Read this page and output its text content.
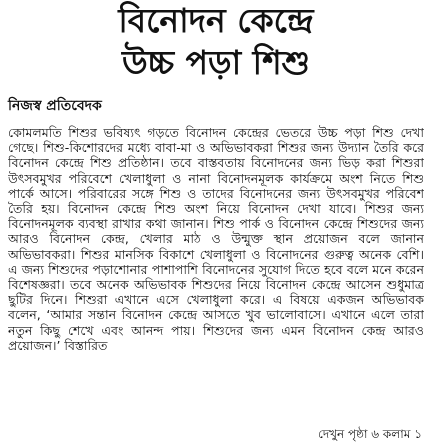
বিনোদন কেন্দ্রে
উচ্চ পড়া শিশু
নিজস্ব প্রতিবেদক

কোমলমতি শিশুর ভবিষ্যৎ গড়তে বিনোদন কেন্দ্রের ভেতরে উচ্চ পড়া শিশু দেখা গেছে। শিশু-কিশোরদের মধ্যে বাবা-মা ও অভিভাবকরা শিশুর জন্য উদ্যান তৈরি করে বিনোদন কেন্দ্রে শিশু প্রতিষ্ঠান। তবে বাস্তবতায় বিনোদনের জন্য ভিড় করা শিশুরা উৎসবমুখর পরিবেশে খেলাধুলা ও নানা বিনোদনমূলক কার্যক্রমে অংশ নিতে শিশু পার্কে আসে। পরিবারের সঙ্গে শিশু ও তাদের বিনোদনের জন্য উৎসবমুখর পরিবেশ তৈরি হয়। বিনোদন কেন্দ্রে শিশু অংশ নিয়ে বিনোদন দেখা যাবে। শিশুর জন্য বিনোদনমূলক ব্যবস্থা রাখার কথা জানান। শিশু পার্ক ও বিনোদন কেন্দ্রে শিশুদের জন্য আরও বিনোদন কেন্দ্র, খেলার মাঠ ও উন্মুক্ত স্থান প্রয়োজন বলে জানান অভিভাবকরা। শিশুর মানসিক বিকাশে খেলাধুলা ও বিনোদনের গুরুত্ব অনেক বেশি। এ জন্য শিশুদের পড়াশোনার পাশাপাশি বিনোদনের সুযোগ দিতে হবে বলে মনে করেন বিশেষজ্ঞরা। তবে অনেক অভিভাবক শিশুদের নিয়ে বিনোদন কেন্দ্রে আসেন শুধুমাত্র ছুটির দিনে। শিশুরা এখানে এসে খেলাধুলা করে। এ বিষয়ে একজন অভিভাবক বলেন, ‘আমার সন্তান বিনোদন কেন্দ্রে আসতে খুব ভালোবাসে। এখানে এলে তারা নতুন কিছু শেখে এবং আনন্দ পায়। শিশুদের জন্য এমন বিনোদন কেন্দ্র আরও প্রয়োজন।’ বিস্তারিত

দেখুন পৃষ্ঠা ৬ কলাম ১
